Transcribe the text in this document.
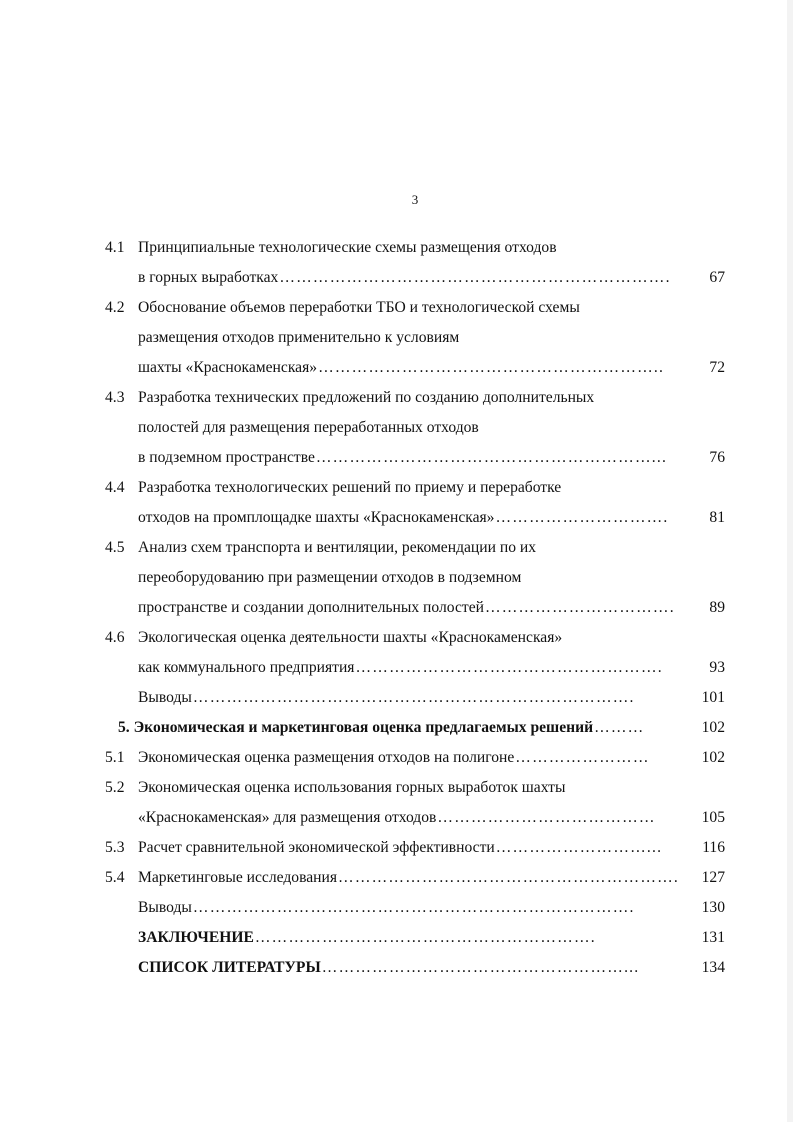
3
4.1 Принципиальные технологические схемы размещения отходов
в горных выработках …………………………………………………………….	67
4.2 Обоснование объемов переработки ТБО и технологической схемы
размещения отходов применительно к условиям
шахты «Краснокаменская» ……………………………………………………..	72
4.3 Разработка технических предложений по созданию дополнительных
полостей для размещения переработанных отходов
в подземном пространстве ……………………………………………………...	76
4.4 Разработка технологических решений по приему и переработке
отходов на промплощадке шахты «Краснокаменская» ………………………….	81
4.5 Анализ схем транспорта и вентиляции, рекомендации по их
переоборудованию при размещении отходов в подземном
пространстве и создании дополнительных полостей …………………………….	89
4.6 Экологическая оценка деятельности шахты «Краснокаменская»
как коммунального предприятия ……………………………………………….	93
Выводы …………………………………………………………………….	101
5. Экономическая и маркетинговая оценка предлагаемых решений ………	102
5.1 Экономическая оценка размещения отходов на полигоне ……………………	102
5.2 Экономическая оценка использования горных выработок шахты
«Краснокаменская» для размещения отходов …………………………………	105
5.3 Расчет сравнительной экономической эффективности ………………………...	116
5.4 Маркетинговые исследования …………………………………………………….	127
Выводы …………………………………………………………………….	130
ЗАКЛЮЧЕНИЕ …………………………………………………….	131
СПИСОК ЛИТЕРАТУРЫ ………………………………………………...	134
